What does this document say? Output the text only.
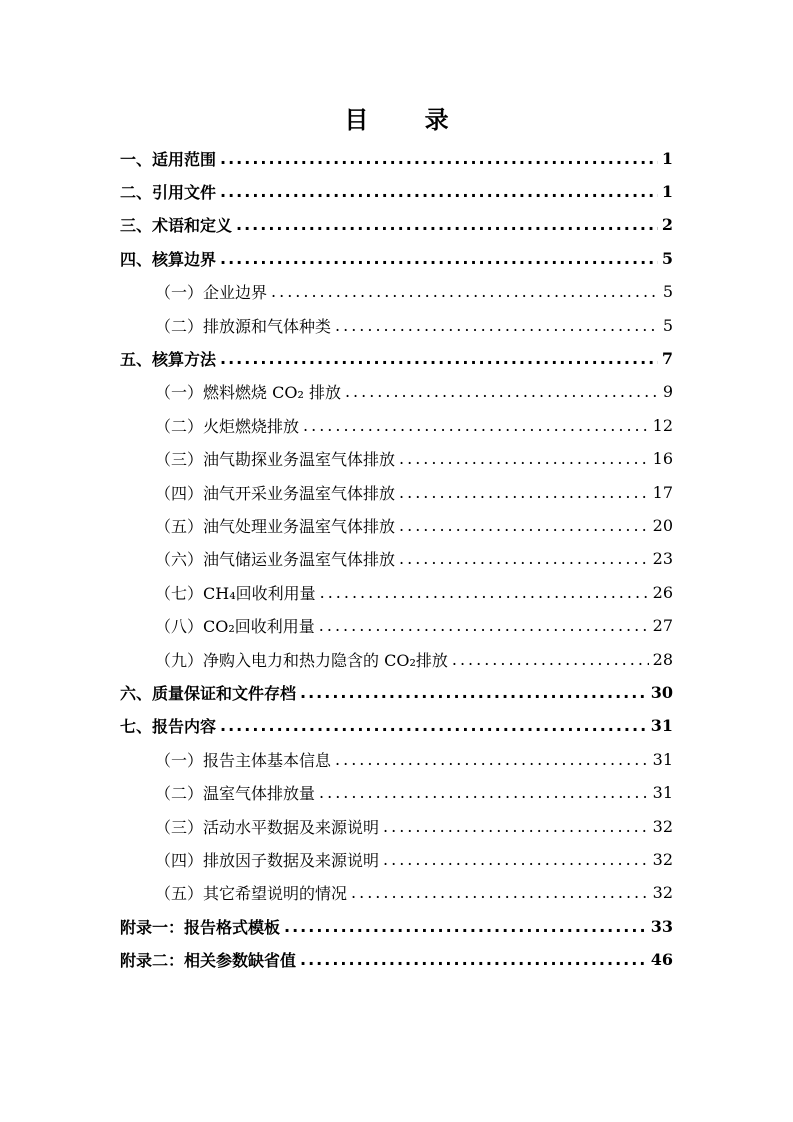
目 录
一、适用范围 .....	1
二、引用文件 .....	1
三、术语和定义 .....	2
四、核算边界 .....	5
（一）企业边界 .....	5
（二）排放源和气体种类 .....	5
五、核算方法 .....	7
（一）燃料燃烧 CO₂ 排放 .....	9
（二）火炬燃烧排放 .....	12
（三）油气勘探业务温室气体排放 .....	16
（四）油气开采业务温室气体排放 .....	17
（五）油气处理业务温室气体排放 .....	20
（六）油气储运业务温室气体排放 .....	23
（七）CH₄回收利用量 .....	26
（八）CO₂回收利用量 .....	27
（九）净购入电力和热力隐含的 CO₂排放 .....	28
六、质量保证和文件存档 .....	30
七、报告内容 .....	31
（一）报告主体基本信息 .....	31
（二）温室气体排放量 .....	31
（三）活动水平数据及来源说明 .....	32
（四）排放因子数据及来源说明 .....	32
（五）其它希望说明的情况 .....	32
附录一：报告格式模板 .....	33
附录二：相关参数缺省值 .....	46
